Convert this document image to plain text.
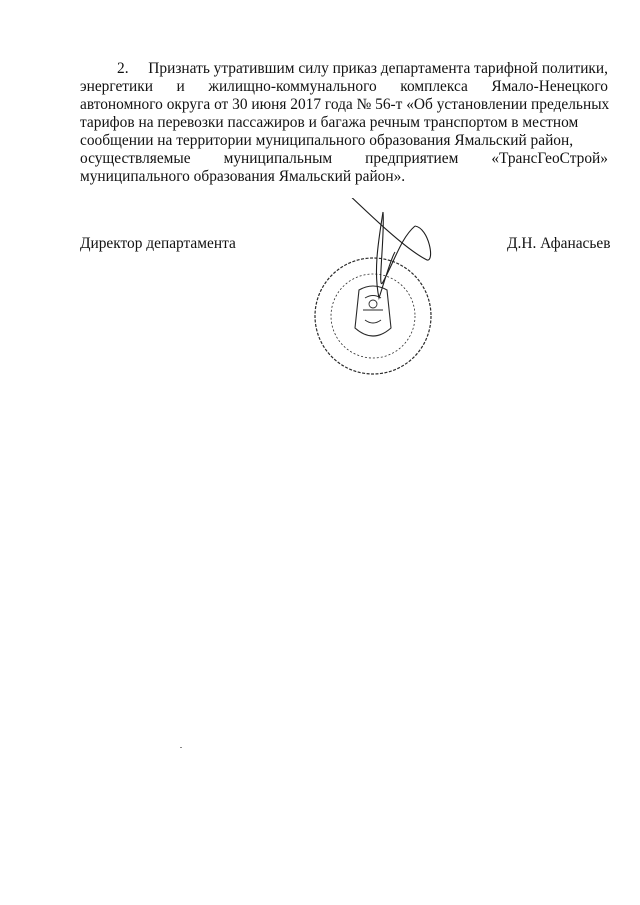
2.	Признать утратившим силу приказ департамента тарифной политики,
энергетики и жилищно-коммунального комплекса Ямало-Ненецкого
автономного округа от 30 июня 2017 года № 56-т «Об установлении предельных
тарифов на перевозки пассажиров и багажа речным транспортом в местном
сообщении на территории муниципального образования Ямальский район,
осуществляемые муниципальным предприятием «ТрансГеоСтрой»
муниципального образования Ямальский район».
Директор департамента	Д.Н. Афанасьев
